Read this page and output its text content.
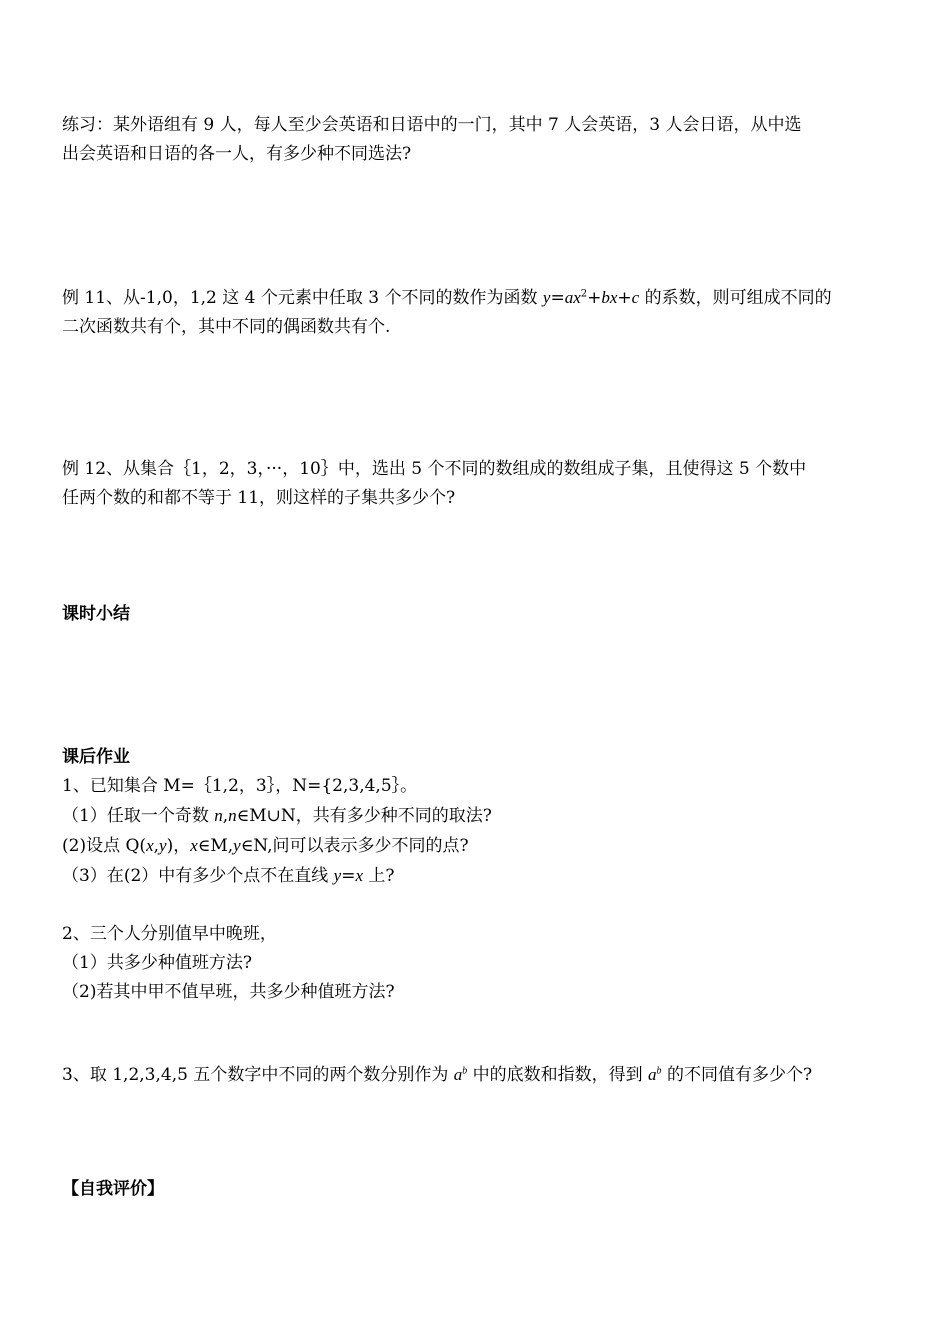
练习：某外语组有 9 人，每人至少会英语和日语中的一门，其中 7 人会英语，3 人会日语，从中选

出会英语和日语的各一人，有多少种不同选法?

例 11、从-1,0，1,2 这 4 个元素中任取 3 个不同的数作为函数 $y=ax^2+bx+c$ 的系数，则可组成不同的

二次函数共有个，其中不同的偶函数共有个.

例 12、从集合｛1，2，3，···，10｝中，选出 5 个不同的数组成的数组成子集，且使得这 5 个数中

任两个数的和都不等于 11，则这样的子集共多少个?

课时小结

课后作业

1、已知集合 M=｛1,2，3｝，N={2,3,4,5｝。

（1）任取一个奇数 n,n∈M∪N，共有多少种不同的取法?

(2)设点 Q(x,y)，x∈M,y∈N,问可以表示多少不同的点?

（3）在(2）中有多少个点不在直线 y=x 上?

2、三个人分别值早中晚班，

（1）共多少种值班方法?

（2)若其中甲不值早班，共多少种值班方法?

3、取 1,2,3,4,5 五个数字中不同的两个数分别作为 $a^b$ 中的底数和指数，得到 $a^b$ 的不同值有多少个?

【自我评价】
